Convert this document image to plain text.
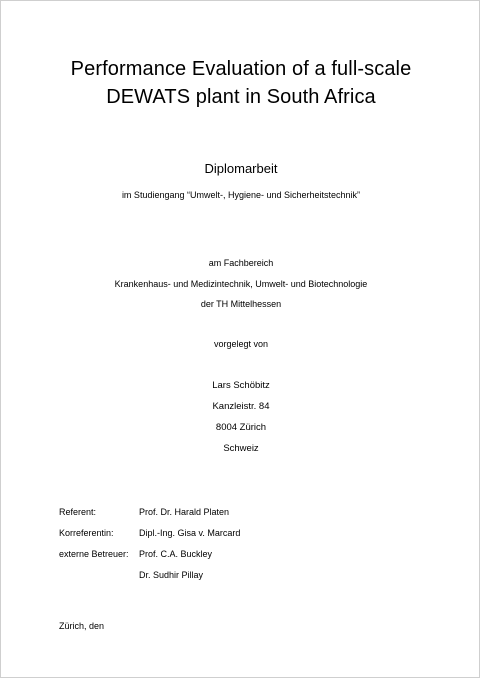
Performance Evaluation of a full-scale
DEWATS plant in South Africa
Diplomarbeit
im Studiengang “Umwelt-, Hygiene- und Sicherheitstechnik”
am Fachbereich
Krankenhaus- und Medizintechnik, Umwelt- und Biotechnologie
der TH Mittelhessen
vorgelegt von
Lars Schöbitz
Kanzleistr. 84
8004 Zürich
Schweiz
Referent:	Prof. Dr. Harald Platen
Korreferentin:	Dipl.-Ing. Gisa v. Marcard
externe Betreuer: Prof. C.A. Buckley
Dr. Sudhir Pillay
Zürich, den
